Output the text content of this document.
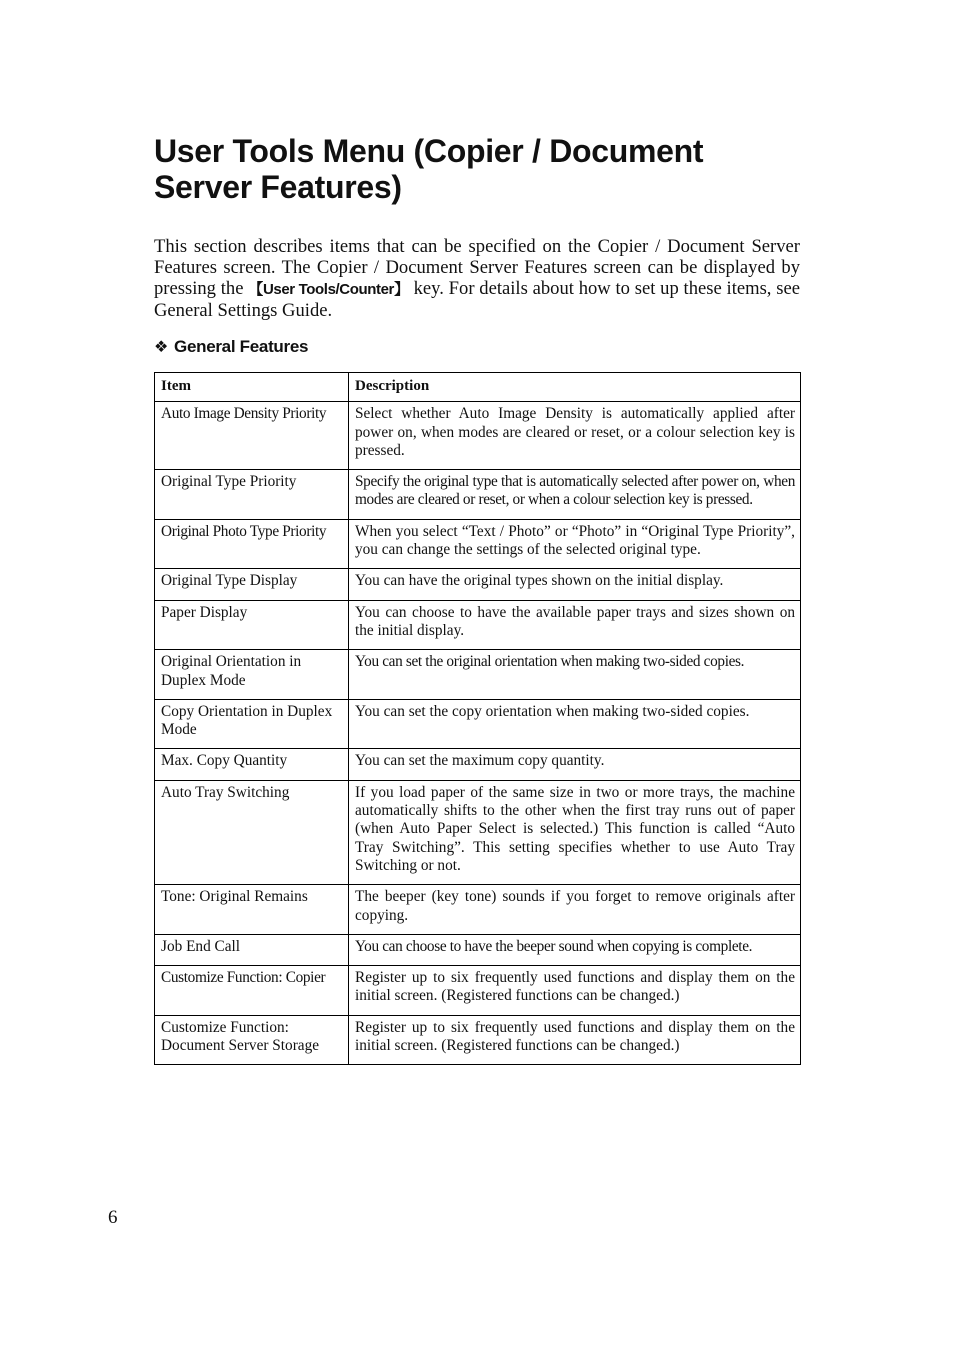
User Tools Menu (Copier / Document Server Features)

This section describes items that can be specified on the Copier / Document Server Features screen. The Copier / Document Server Features screen can be displayed by pressing the 【User Tools/Counter】 key. For details about how to set up these items, see General Settings Guide.

❖ General Features
Item	Description
Auto Image Density Priority	Select whether Auto Image Density is automatically applied after power on, when modes are cleared or reset, or a colour selection key is pressed.
Original Type Priority	Specify the original type that is automatically selected after power on, when modes are cleared or reset, or when a colour selection key is pressed.
Original Photo Type Priority	When you select “Text / Photo” or “Photo” in “Original Type Priority”, you can change the settings of the selected original type.
Original Type Display	You can have the original types shown on the initial display.
Paper Display	You can choose to have the available paper trays and sizes shown on the initial display.
Original Orientation in Duplex Mode	You can set the original orientation when making two-sided copies.
Copy Orientation in Duplex Mode	You can set the copy orientation when making two-sided copies.
Max. Copy Quantity	You can set the maximum copy quantity.
Auto Tray Switching	If you load paper of the same size in two or more trays, the machine automatically shifts to the other when the first tray runs out of paper (when Auto Paper Select is selected.) This function is called “Auto Tray Switching”. This setting specifies whether to use Auto Tray Switching or not.
Tone: Original Remains	The beeper (key tone) sounds if you forget to remove originals after copying.
Job End Call	You can choose to have the beeper sound when copying is complete.
Customize Function: Copier	Register up to six frequently used functions and display them on the initial screen. (Registered functions can be changed.)
Customize Function: Document Server Storage	Register up to six frequently used functions and display them on the initial screen. (Registered functions can be changed.)
6
